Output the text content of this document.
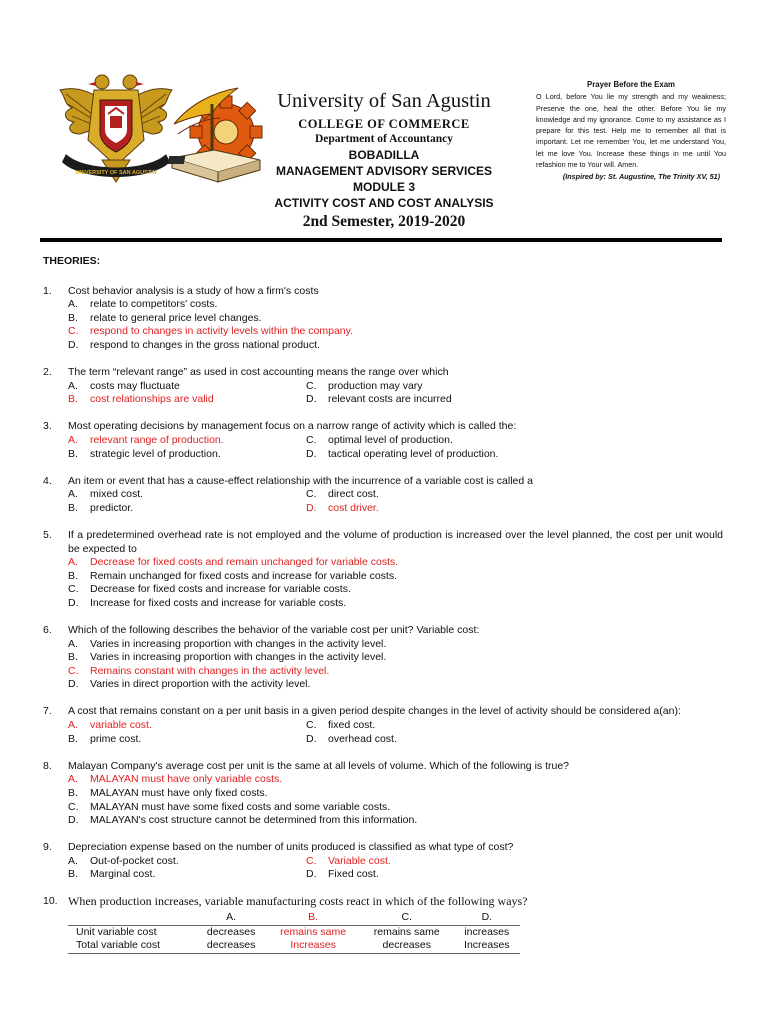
UNIVERSITY OF SAN AGUSTIN
University of San Agustin
COLLEGE OF COMMERCE
Department of Accountancy
BOBADILLA
MANAGEMENT ADVISORY SERVICES
MODULE 3
ACTIVITY COST AND COST ANALYSIS
2nd Semester, 2019-2020
Prayer Before the Exam
O Lord, before You lie my strength and my weakness; Preserve the one, heal the other. Before You lie my knowledge and my ignorance. Come to my assistance as I prepare for this test. Help me to remember all that is important. Let me remember You, let me understand You, let me love You. Increase these things in me until You refashion me to Your will. Amen.
(Inspired by: St. Augustine, The Trinity XV, 51)
THEORIES:
1. Cost behavior analysis is a study of how a firm's costs
A.	relate to competitors' costs.
B.	relate to general price level changes.
C.	respond to changes in activity levels within the company.
D.	respond to changes in the gross national product.
2. The term “relevant range” as used in cost accounting means the range over which
A.	costs may fluctuate	C.	production may vary
B.	cost relationships are valid	D.	relevant costs are incurred
3. Most operating decisions by management focus on a narrow range of activity which is called the:
A.	relevant range of production.	C.	optimal level of production.
B.	strategic level of production.	D.	tactical operating level of production.
4. An item or event that has a cause-effect relationship with the incurrence of a variable cost is called a
A.	mixed cost.	C.	direct cost.
B.	predictor.	D.	cost driver.
5. If a predetermined overhead rate is not employed and the volume of production is increased over the level planned, the cost per unit would be expected to
A.	Decrease for fixed costs and remain unchanged for variable costs.
B.	Remain unchanged for fixed costs and increase for variable costs.
C.	Decrease for fixed costs and increase for variable costs.
D.	Increase for fixed costs and increase for variable costs.
6. Which of the following describes the behavior of the variable cost per unit? Variable cost:
A.	Varies in increasing proportion with changes in the activity level.
B.	Varies in increasing proportion with changes in the activity level.
C.	Remains constant with changes in the activity level.
D.	Varies in direct proportion with the activity level.
7. A cost that remains constant on a per unit basis in a given period despite changes in the level of activity should be considered a(an):
A.	variable cost.	C.	fixed cost.
B.	prime cost.	D.	overhead cost.
8. Malayan Company's average cost per unit is the same at all levels of volume. Which of the following is true?
A.	MALAYAN must have only variable costs.
B.	MALAYAN must have only fixed costs.
C.	MALAYAN must have some fixed costs and some variable costs.
D.	MALAYAN's cost structure cannot be determined from this information.
9. Depreciation expense based on the number of units produced is classified as what type of cost?
A.	Out-of-pocket cost.	C.	Variable cost.
B.	Marginal cost.	D.	Fixed cost.
10. When production increases, variable manufacturing costs react in which of the following ways?
	A.	B.	C.	D.
Unit variable cost	decreases	remains same	remains same	increases
Total variable cost	decreases	Increases	decreases	Increases
